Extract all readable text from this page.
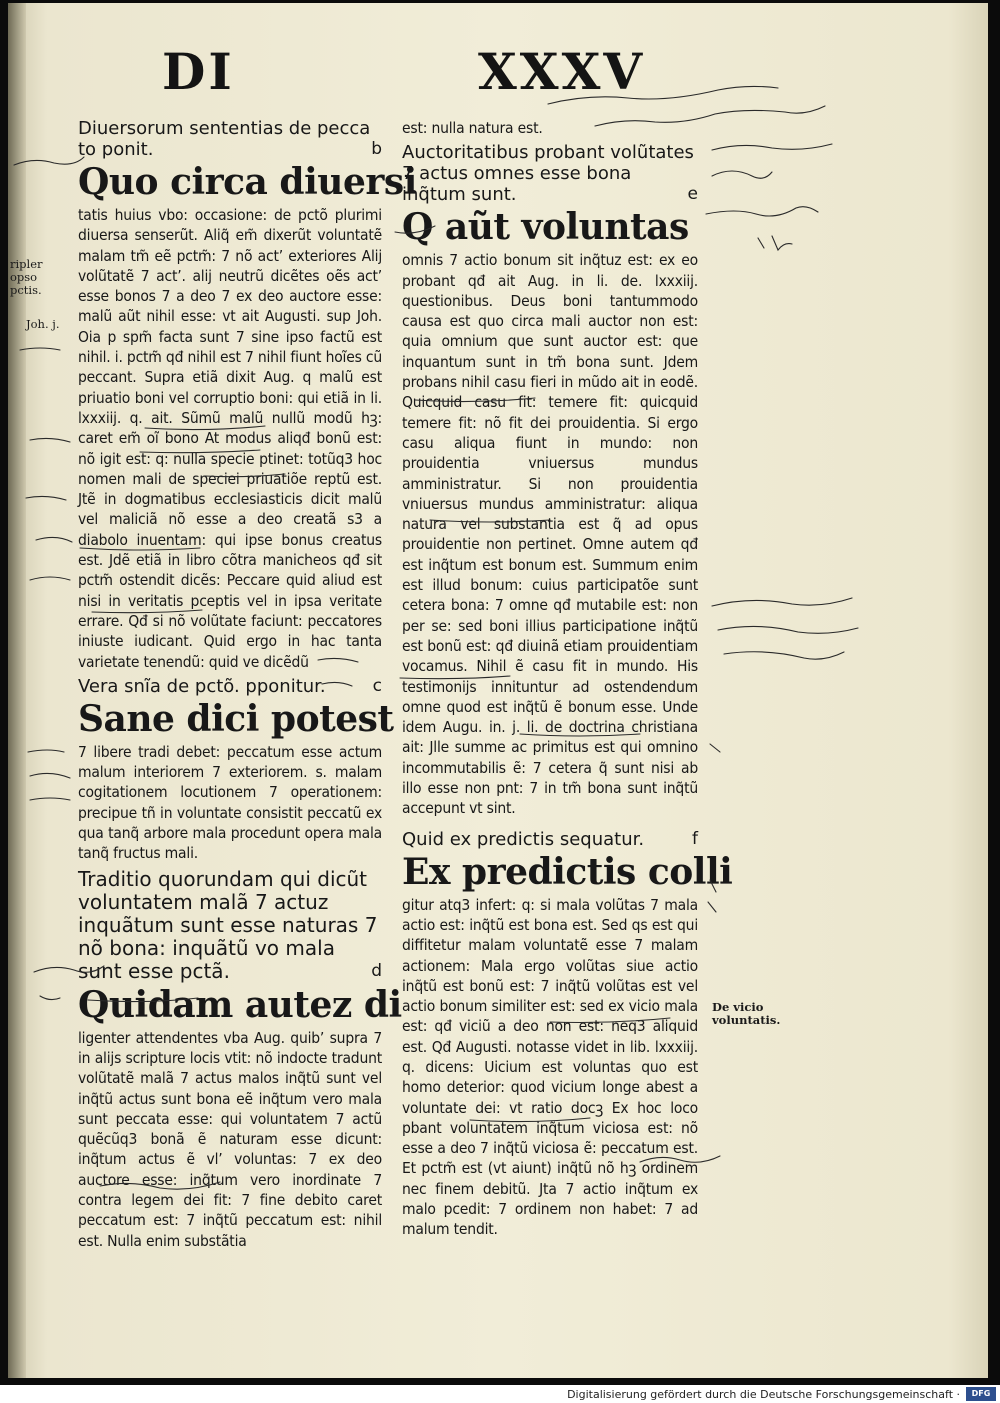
DI	XXXV

Diuersorum sententias de pecca to ponit.	b

Quo circa diuersi

tatis huius vbo: occasione: de pctõ plurimi diuersa senserũt. Aliq̃ em̃ dixerũt voluntatẽ malam tm̃ eẽ pctm̃: 7 nõ act’ exteriores Alij volũtatẽ 7 act’. alij neutrũ dicẽtes oẽs act’ esse bonos 7 a deo 7 ex deo auctore esse: malũ aũt nihil esse: vt ait Augusti. sup Joh. Oia p spm̃ facta sunt 7 sine ipso factũ est nihil. i. pctm̃ qđ nihil est 7 nihil fiunt hoĩes cũ peccant. Supra etiã dixit Aug. q malũ est priuatio boni vel corruptio boni: qui etiã in li. lxxxiij. q. ait. Sũmũ malũ nullũ modũ hꝫ: caret em̃ oĩ bono At modus aliqđ bonũ est: nõ igit est: q: nulla specie ptinet: totũq3 hoc nomen mali de speciei priuatiõe reptũ est. Jtẽ in dogmatibus ecclesiasticis dicit malũ vel maliciã nõ esse a deo creatã s3 a diabolo inuentam: qui ipse bonus creatus est. Jdẽ etiã in libro cõtra manicheos qđ sit pctm̃ ostendit dicẽs: Peccare quid aliud est nisi in veritatis pceptis vel in ipsa veritate errare. Qđ si nõ volũtate faciunt: peccatores iniuste iudicant. Quid ergo in hac tanta varietate tenendũ: quid ve dicẽdũ

Vera snĩa de pctõ. pponitur.	c

Sane dici potest

7 libere tradi debet: peccatum esse actum malum interiorem 7 exteriorem. s. malam cogitationem locutionem 7 operationem: precipue tñ in voluntate consistit peccatũ ex qua tanq̃ arbore mala procedunt opera mala tanq̃ fructus mali.

Traditio quorundam qui dicũt voluntatem malã 7 actuz inquãtum sunt esse naturas 7 nõ bona: inquãtũ vo mala sunt esse pctã.	d

Quidam autez di

ligenter attendentes vba Aug. quib’ supra 7 in alijs scripture locis vtit: nõ indocte tradunt volũtatẽ malã 7 actus malos inq̃tũ sunt vel inq̃tũ actus sunt bona eẽ inq̃tum vero mala sunt peccata esse: qui voluntatem 7 actũ quẽcũq3 bonã ẽ naturam esse dicunt: inq̃tum actus ẽ vl’ voluntas: 7 ex deo auctore esse: inq̃tum vero inordinate 7 contra legem dei fit: 7 fine debito caret peccatum est: 7 inq̃tũ peccatum est: nihil est. Nulla enim substãtia

est: nulla natura est.

Auctoritatibus probant volũtates 7 actus omnes esse bona inq̃tum sunt.	e

Q aũt voluntas

omnis 7 actio bonum sit inq̃tuz est: ex eo probant qđ ait Aug. in li. de. lxxxiij. questionibus. Deus boni tantummodo causa est quo circa mali auctor non est: quia omnium que sunt auctor est: que inquantum sunt in tm̃ bona sunt. Jdem probans nihil casu fieri in mũdo ait in eodẽ. Quicquid casu fit: temere fit: quicquid temere fit: nõ fit dei prouidentia. Si ergo casu aliqua fiunt in mundo: non prouidentia vniuersus mundus amministratur. Si non prouidentia vniuersus mundus amministratur: aliqua natura vel substantia est q̃ ad opus prouidentie non pertinet. Omne autem qđ est inq̃tum est bonum est. Summum enim est illud bonum: cuius participatõe sunt cetera bona: 7 omne qđ mutabile est: non per se: sed boni illius participatione inq̃tũ est bonũ est: qđ diuinã etiam prouidentiam vocamus. Nihil ẽ casu fit in mundo. His testimonijs innituntur ad ostendendum omne quod est inq̃tũ ẽ bonum esse. Unde idem Augu. in. j. li. de doctrina christiana ait: Jlle summe ac primitus est qui omnino incommutabilis ẽ: 7 cetera q̃ sunt nisi ab illo esse non pnt: 7 in tm̃ bona sunt inq̃tũ accepunt vt sint.

Quid ex predictis sequatur.	f

Ex predictis colli

gitur atq3 infert: q: si mala volũtas 7 mala actio est: inq̃tũ est bona est. Sed qs est qui diffitetur malam voluntatẽ esse 7 malam actionem: Mala ergo volũtas siue actio inq̃tũ est bonũ est: 7 inq̃tũ volũtas est vel actio bonum similiter est: sed ex vicio mala est: qđ viciũ a deo non est: neq3 aliquid est. Qđ Augusti. notasse videt in lib. lxxxiij. q. dicens: Uicium est voluntas quo est homo deterior: quod vicium longe abest a voluntate dei: vt ratio docꝫ Ex hoc loco pbant voluntatem inq̃tum viciosa est: nõ esse a deo 7 inq̃tũ viciosa ẽ: peccatum est. Et pctm̃ est (vt aiunt) inq̃tũ nõ hꝫ ordinem nec finem debitũ. Jta 7 actio inq̃tum ex malo pcedit: 7 ordinem non habet: 7 ad malum tendit.

ripler opso pctis.
Joh. j.
De vicio voluntatis.

Digitalisierung gefördert durch die Deutsche Forschungsgemeinschaft ·	DFG
